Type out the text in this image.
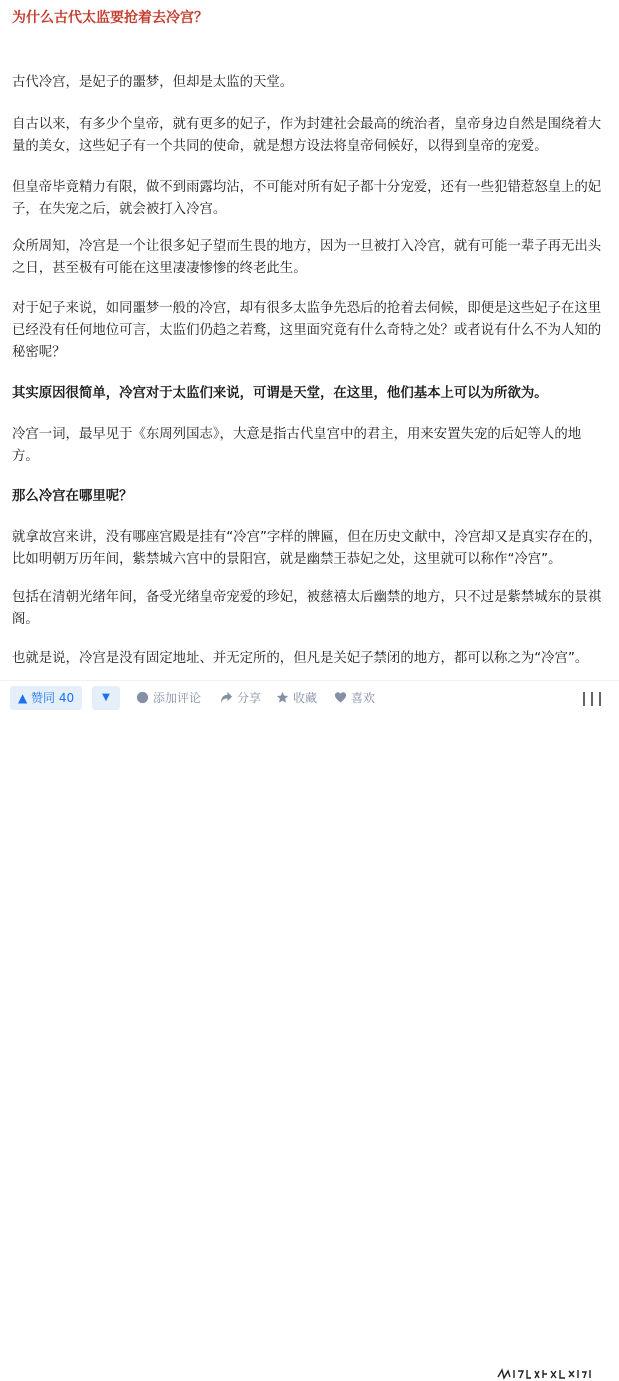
为什么古代太监要抢着去冷宫？
古代冷宫，是妃子的噩梦，但却是太监的天堂。
自古以来，有多少个皇帝，就有更多的妃子，作为封建社会最高的统治者，皇帝身边自然是围绕着大量的美女，这些妃子有一个共同的使命，就是想方设法将皇帝伺候好，以得到皇帝的宠爱。
但皇帝毕竟精力有限，做不到雨露均沾，不可能对所有妃子都十分宠爱，还有一些犯错惹怒皇上的妃子，在失宠之后，就会被打入冷宫。
众所周知，冷宫是一个让很多妃子望而生畏的地方，因为一旦被打入冷宫，就有可能一辈子再无出头之日，甚至极有可能在这里凄凄惨惨的终老此生。
对于妃子来说，如同噩梦一般的冷宫，却有很多太监争先恐后的抢着去伺候，即便是这些妃子在这里已经没有任何地位可言，太监们仍趋之若鹜，这里面究竟有什么奇特之处？或者说有什么不为人知的秘密呢？
其实原因很简单，冷宫对于太监们来说，可谓是天堂，在这里，他们基本上可以为所欲为。
冷宫一词，最早见于《东周列国志》，大意是指古代皇宫中的君主，用来安置失宠的后妃等人的地方。
那么冷宫在哪里呢？
就拿故宫来讲，没有哪座宫殿是挂有“冷宫”字样的牌匾，但在历史文献中，冷宫却又是真实存在的，比如明朝万历年间，紫禁城六宫中的景阳宫，就是幽禁王恭妃之处，这里就可以称作“冷宫”。
包括在清朝光绪年间，备受光绪皇帝宠爱的珍妃，被慈禧太后幽禁的地方，只不过是紫禁城东的景祺阁。
也就是说，冷宫是没有固定地址、并无定所的，但凡是关妃子禁闭的地方，都可以称之为“冷宫”。
▲ 赞同 40	▼	添加评论	分享	收藏	喜欢
